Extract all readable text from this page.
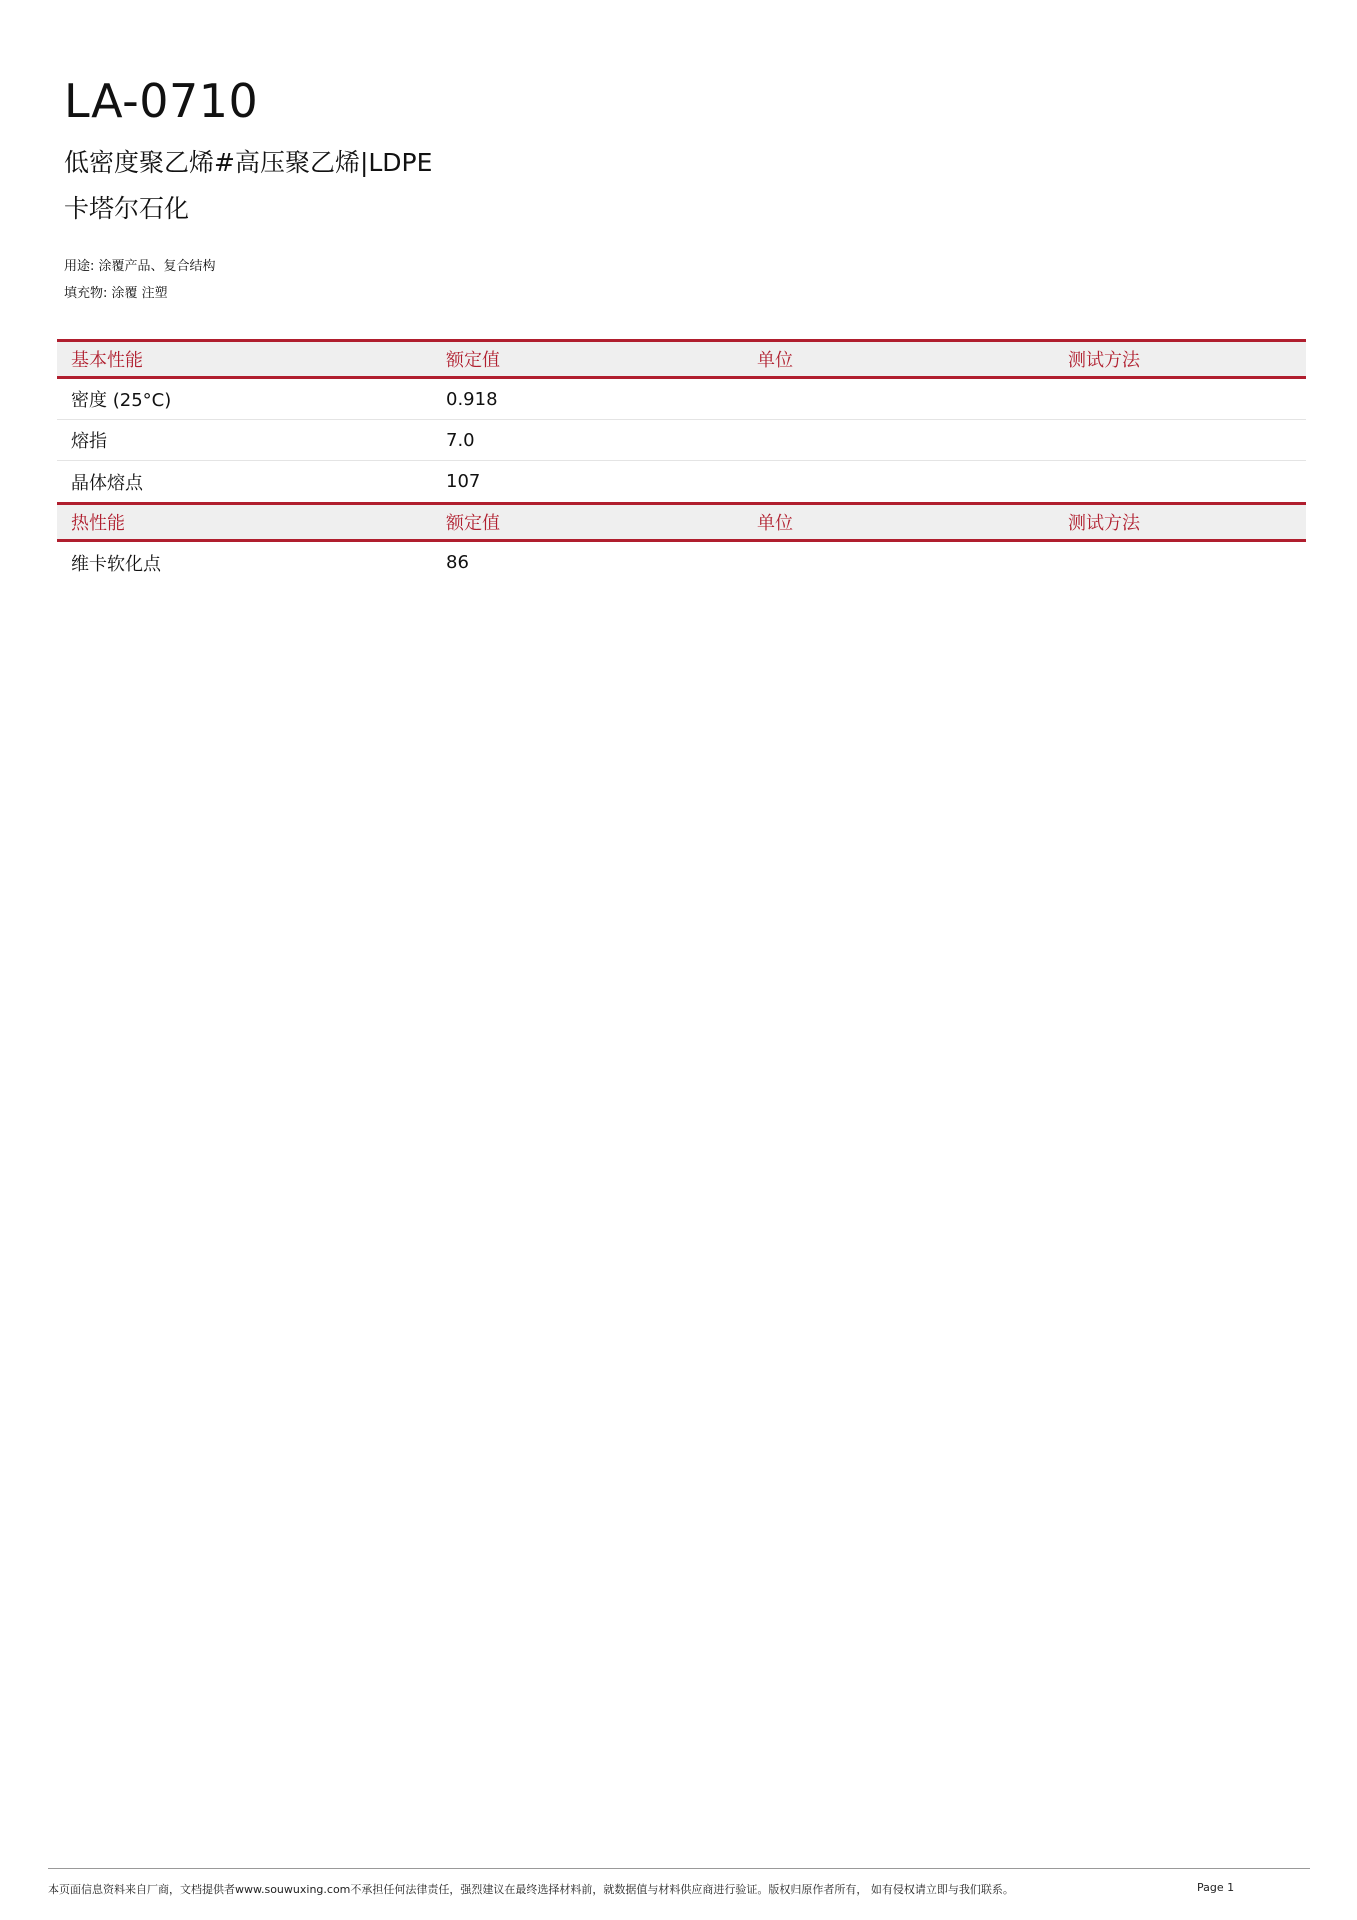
LA-0710
低密度聚乙烯#高压聚乙烯|LDPE
卡塔尔石化
用途: 涂覆产品、复合结构
填充物: 涂覆 注塑
基本性能	额定值	单位	测试方法
密度 (25°C)	0.918
熔指	7.0
晶体熔点	107
热性能	额定值	单位	测试方法
维卡软化点	86
本页面信息资料来自厂商，文档提供者www.souwuxing.com不承担任何法律责任，强烈建议在最终选择材料前，就数据值与材料供应商进行验证。版权归原作者所有， 如有侵权请立即与我们联系。	Page 1
